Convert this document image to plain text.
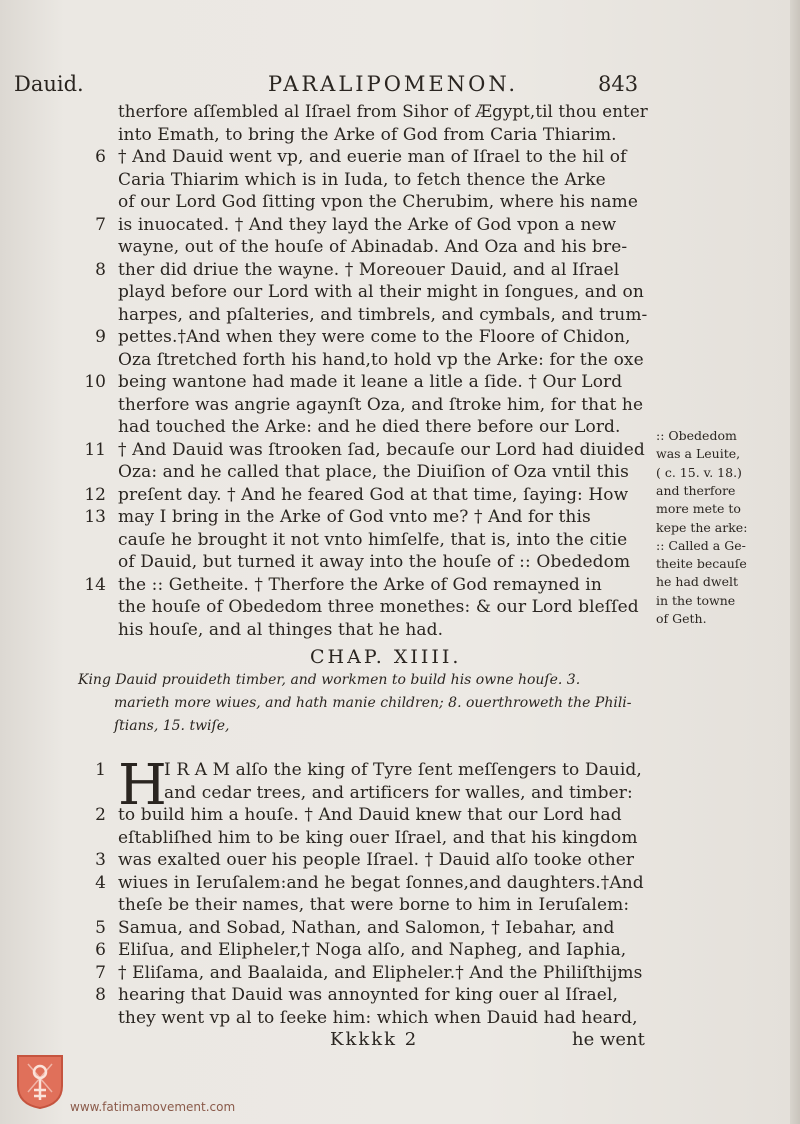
Dauid.	PARALIPOMENON.	843
therfore aſſembled al Iſrael from Sihor of Ægypt,til thou enter
into Emath, to bring the Arke of God from Caria Thiarim.
6 † And Dauid went vp, and euerie man of Iſrael to the hil of
Caria Thiarim which is in Iuda, to fetch thence the Arke
of our Lord God ſitting vpon the Cherubim, where his name
7 is inuocated. † And they layd the Arke of God vpon a new
wayne, out of the houſe of Abinadab. And Oza and his bre-
8 ther did driue the wayne. † Moreouer Dauid, and al Iſrael
playd before our Lord with al their might in ſongues, and on
harpes, and pſalteries, and timbrels, and cymbals, and trum-
9 pettes.†And when they were come to the Floore of Chidon,
Oza ſtretched forth his hand,to hold vp the Arke: for the oxe
10 being wantone had made it leane a litle a ſide. † Our Lord
therfore was angrie agaynſt Oza, and ſtroke him, for that he
had touched the Arke: and he died there before our Lord.
11 † And Dauid was ſtrooken ſad, becauſe our Lord had diuided
Oza: and he called that place, the Diuiſion of Oza vntil this
12 preſent day. † And he feared God at that time, ſaying: How
13 may I bring in the Arke of God vnto me? † And for this
cauſe he brought it not vnto himſelfe, that is, into the citie
of Dauid, but turned it away into the houſe of :: Obededom
14 the :: Getheite. † Therfore the Arke of God remayned in
the houſe of Obededom three monethes: & our Lord bleſſed
his houſe, and al thinges that he had.
:: Obededom
was a Leuite,
( c. 15. v. 18.)
and therfore
more mete to
kepe the arke:
:: Called a Ge-
theite becauſe
he had dwelt
in the towne
of Geth.
CHAP. XIIII.
King Dauid prouideth timber, and workmen to build his owne houſe. 3.
marieth more wiues, and hath manie children; 8. ouerthroweth the Phili-
ſtians, 15. twiſe,
H
1	I R A M alſo the king of Tyre ſent meſſengers to Dauid,
and cedar trees, and artificers for walles, and timber:
2 to build him a houſe. † And Dauid knew that our Lord had
eſtabliſhed him to be king ouer Iſrael, and that his kingdom
3 was exalted ouer his people Iſrael. † Dauid alſo tooke other
4 wiues in Ieruſalem:and he begat ſonnes,and daughters.†And
theſe be their names, that were borne to him in Ieruſalem:
5 Samua, and Sobad, Nathan, and Salomon, † Iebahar, and
6 Eliſua, and Elipheler,† Noga alſo, and Napheg, and Iaphia,
7 † Eliſama, and Baalaida, and Elipheler.† And the Philiſthijms
8 hearing that Dauid was annoynted for king ouer al Iſrael,
they went vp al to ſeeke him: which when Dauid had heard,
Kkkkk 2	he went
www.fatimamovement.com
